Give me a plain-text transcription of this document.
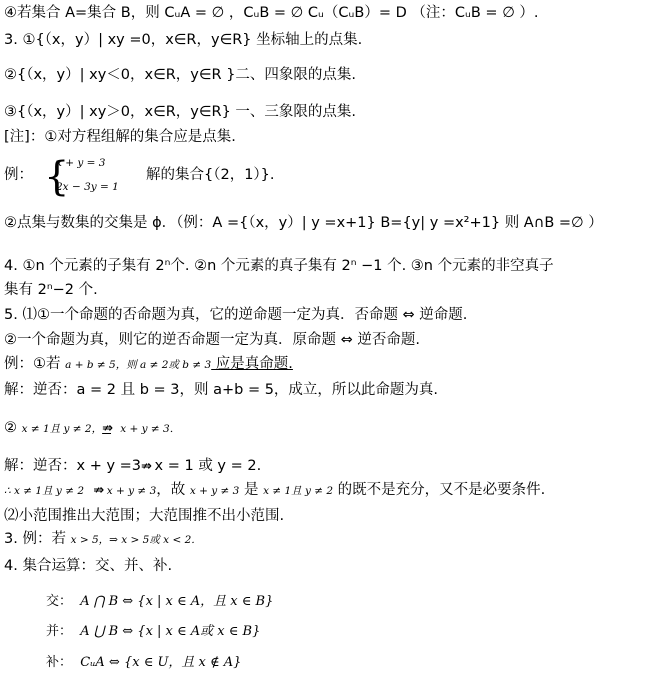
④若集合 A=集合 B，则 CᵤA = ∅ ，CᵤB = ∅ Cᵤ（CᵤB）= D （注：CᵤB = ∅ ）.
3. ①{（x，y）| xy =0，x∈R，y∈R} 坐标轴上的点集.
②{（x，y）| xy＜0，x∈R，y∈R }二、四象限的点集.
③{（x，y）| xy＞0，x∈R，y∈R} 一、三象限的点集.
[注]：①对方程组解的集合应是点集.
例： {
x + y = 3
2x − 3y = 1
解的集合{（2，1）}.
②点集与数集的交集是 ϕ．（例：A ={（x，y）| y =x+1} B={y| y =x²+1} 则 A∩B =∅ ）
4. ①n 个元素的子集有 2ⁿ个. ②n 个元素的真子集有 2ⁿ −1 个. ③n 个元素的非空真子
集有 2ⁿ−2 个.
5. ⑴①一个命题的否命题为真，它的逆命题一定为真．否命题 ⇔ 逆命题.
②一个命题为真，则它的逆否命题一定为真．原命题 ⇔ 逆否命题.
例：①若 a + b ≠ 5，则 a ≠ 2或 b ≠ 3 应是真命题.
解：逆否：a = 2 且 b = 3，则 a+b = 5，成立，所以此命题为真.
② x ≠ 1且 y ≠ 2，⇏ x + y ≠ 3．
解：逆否：x + y =3⇏ x = 1 或 y = 2.
∴ x ≠ 1且 y ≠ 2 ⇏ x + y ≠ 3，故 x + y ≠ 3 是 x ≠ 1且 y ≠ 2 的既不是充分，又不是必要条件.
⑵小范围推出大范围；大范围推不出小范围.
3. 例：若 x > 5，⇒ x > 5或 x < 2．
4. 集合运算：交、并、补.
交： A ⋂ B ⇔ {x | x ∈ A，且 x ∈ B}
并： A ⋃ B ⇔ {x | x ∈ A或 x ∈ B}
补： CᵤA ⇔ {x ∈ U，且 x ∉ A}
